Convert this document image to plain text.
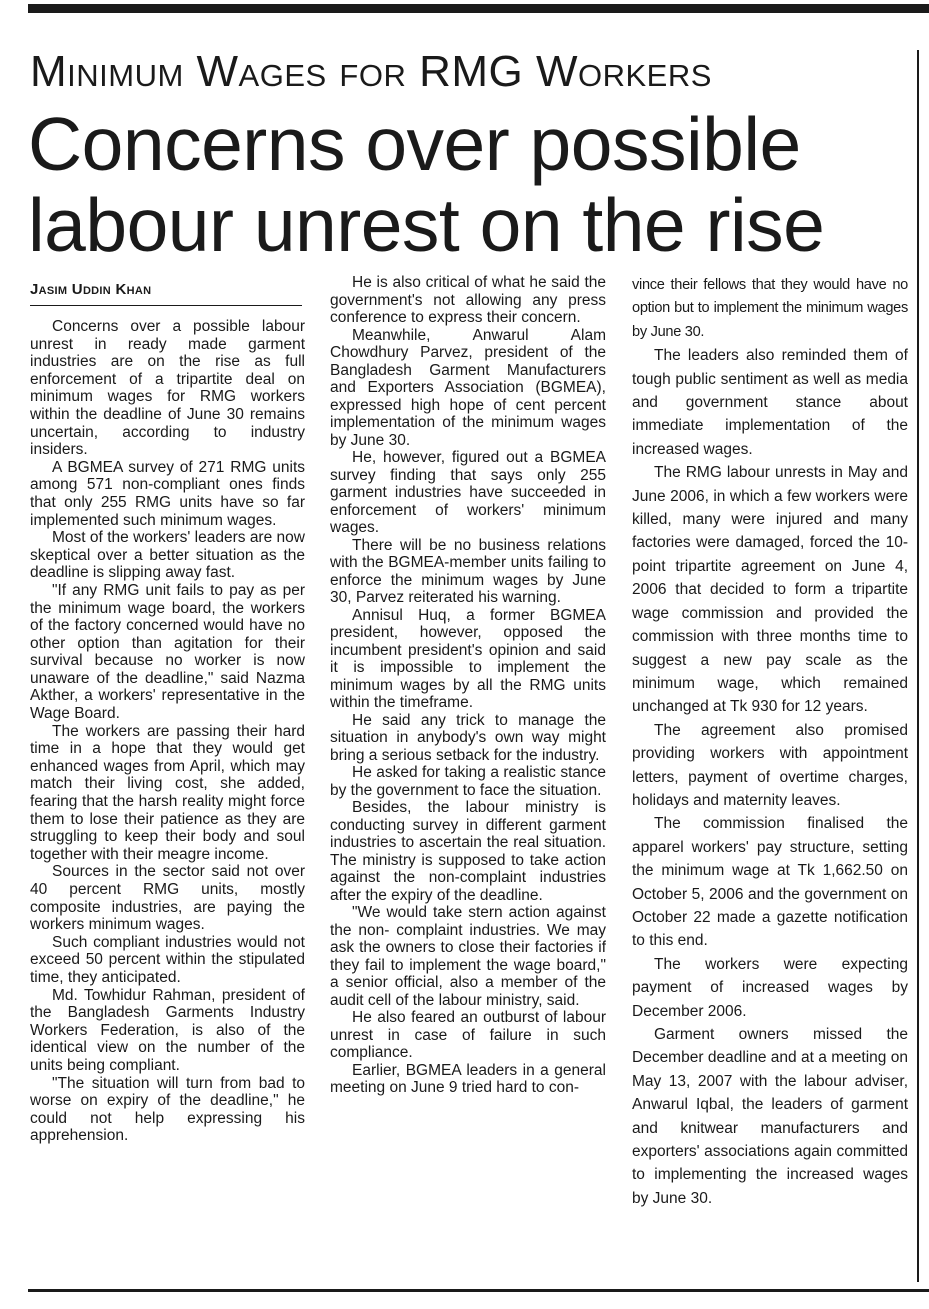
Minimum Wages for RMG Workers
Concerns over possible labour unrest on the rise
Jasim Uddin Khan

Concerns over a possible labour unrest in ready made garment industries are on the rise as full enforcement of a tripartite deal on minimum wages for RMG workers within the deadline of June 30 remains uncertain, according to industry insiders.

A BGMEA survey of 271 RMG units among 571 non-compliant ones finds that only 255 RMG units have so far implemented such minimum wages.

Most of the workers' leaders are now skeptical over a better situation as the deadline is slipping away fast.

"If any RMG unit fails to pay as per the minimum wage board, the workers of the factory concerned would have no other option than agitation for their survival because no worker is now unaware of the deadline," said Nazma Akther, a workers' representative in the Wage Board.

The workers are passing their hard time in a hope that they would get enhanced wages from April, which may match their living cost, she added, fearing that the harsh reality might force them to lose their patience as they are struggling to keep their body and soul together with their meagre income.

Sources in the sector said not over 40 percent RMG units, mostly composite industries, are paying the workers minimum wages.

Such compliant industries would not exceed 50 percent within the stipulated time, they anticipated.

Md. Towhidur Rahman, president of the Bangladesh Garments Industry Workers Federation, is also of the identical view on the number of the units being compliant.

"The situation will turn from bad to worse on expiry of the deadline," he could not help expressing his apprehension.

He is also critical of what he said the government's not allowing any press conference to express their concern.

Meanwhile, Anwarul Alam Chowdhury Parvez, president of the Bangladesh Garment Manufacturers and Exporters Association (BGMEA), expressed high hope of cent percent implementation of the minimum wages by June 30.

He, however, figured out a BGMEA survey finding that says only 255 garment industries have succeeded in enforcement of workers' minimum wages.

There will be no business relations with the BGMEA-member units failing to enforce the minimum wages by June 30, Parvez reiterated his warning.

Annisul Huq, a former BGMEA president, however, opposed the incumbent president's opinion and said it is impossible to implement the minimum wages by all the RMG units within the timeframe.

He said any trick to manage the situation in anybody's own way might bring a serious setback for the industry.

He asked for taking a realistic stance by the government to face the situation.

Besides, the labour ministry is conducting survey in different garment industries to ascertain the real situation. The ministry is supposed to take action against the non-complaint industries after the expiry of the deadline.

"We would take stern action against the non- complaint industries. We may ask the owners to close their factories if they fail to implement the wage board," a senior official, also a member of the audit cell of the labour ministry, said.

He also feared an outburst of labour unrest in case of failure in such compliance.

Earlier, BGMEA leaders in a general meeting on June 9 tried hard to con-

vince their fellows that they would have no option but to implement the minimum wages by June 30.

The leaders also reminded them of tough public sentiment as well as media and government stance about immediate implementation of the increased wages.

The RMG labour unrests in May and June 2006, in which a few workers were killed, many were injured and many factories were damaged, forced the 10-point tripartite agreement on June 4, 2006 that decided to form a tripartite wage commission and provided the commission with three months time to suggest a new pay scale as the minimum wage, which remained unchanged at Tk 930 for 12 years.

The agreement also promised providing workers with appointment letters, payment of overtime charges, holidays and maternity leaves.

The commission finalised the apparel workers' pay structure, setting the minimum wage at Tk 1,662.50 on October 5, 2006 and the government on October 22 made a gazette notification to this end.

The workers were expecting payment of increased wages by December 2006.

Garment owners missed the December deadline and at a meeting on May 13, 2007 with the labour adviser, Anwarul Iqbal, the leaders of garment and knitwear manufacturers and exporters' associations again committed to implementing the increased wages by June 30.
